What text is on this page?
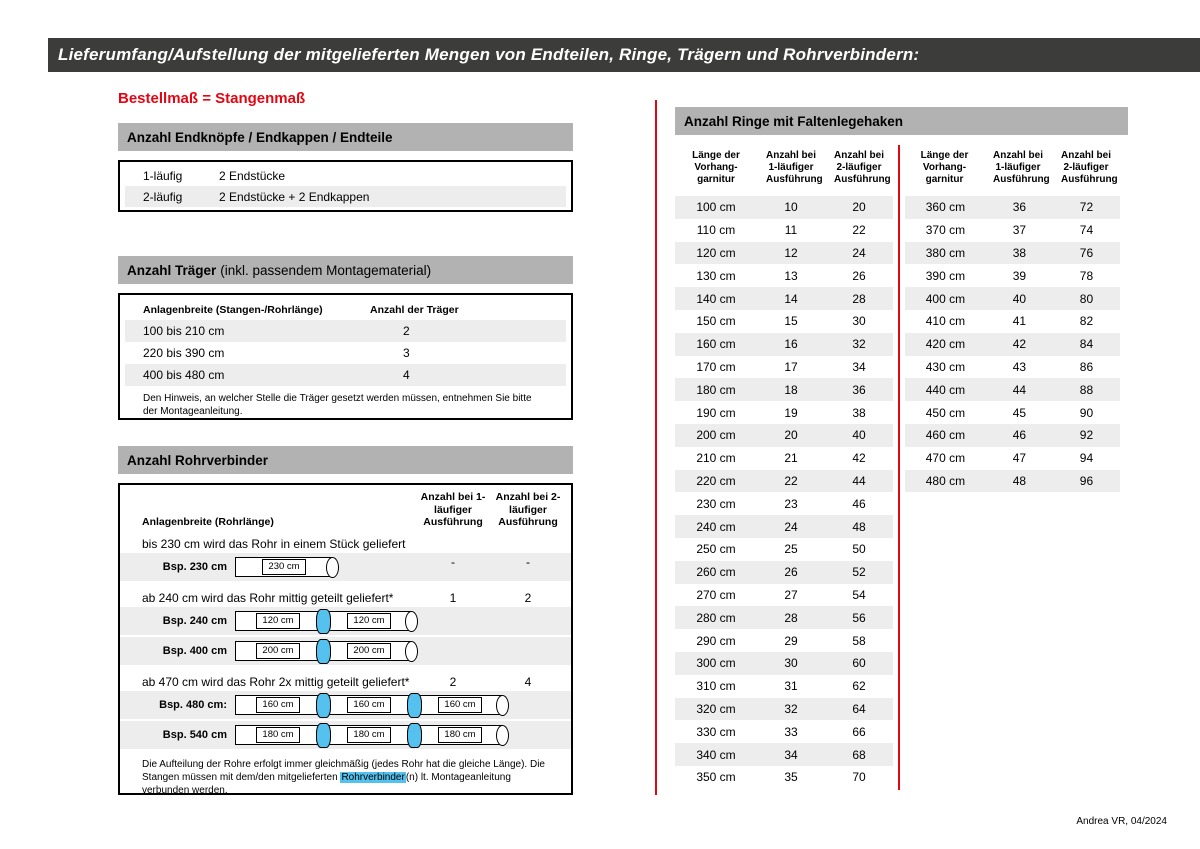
Lieferumfang/Aufstellung der mitgelieferten Mengen von Endteilen, Ringe, Trägern und Rohrverbindern:
Bestellmaß = Stangenmaß
Anzahl Endknöpfe / Endkappen / Endteile
1-läufig	2 Endstücke
2-läufig	2 Endstücke + 2 Endkappen
Anzahl Träger (inkl. passendem Montagematerial)
Anlagenbreite (Stangen-/Rohrlänge)	Anzahl der Träger
100 bis 210 cm	2
220 bis 390 cm	3
400 bis 480 cm	4
Den Hinweis, an welcher Stelle die Träger gesetzt werden müssen, entnehmen Sie bitte der Montageanleitung.
Anzahl Rohrverbinder
Anlagenbreite (Rohrlänge)
Anzahl bei 1-läufiger Ausführung
Anzahl bei 2-läufiger Ausführung
bis 230 cm wird das Rohr in einem Stück geliefert
-	-
Bsp. 230 cm	230 cm
ab 240 cm wird das Rohr mittig geteilt geliefert*	1	2
Bsp. 240 cm	120 cm	120 cm
Bsp. 400 cm	200 cm	200 cm
ab 470 cm wird das Rohr 2x mittig geteilt geliefert*	2	4
Bsp. 480 cm:	160 cm	160 cm	160 cm
Bsp. 540 cm	180 cm	180 cm	180 cm
Die Aufteilung der Rohre erfolgt immer gleichmäßig (jedes Rohr hat die gleiche Länge). Die Stangen müssen mit dem/den mitgelieferten Rohrverbinder(n) lt. Montageanleitung verbunden werden.
Anzahl Ringe mit Faltenlegehaken
Länge der Vorhang-garnitur
Anzahl bei 1-läufiger Ausführung
Anzahl bei 2-läufiger Ausführung
100 cm	10	20
110 cm	11	22
120 cm	12	24
130 cm	13	26
140 cm	14	28
150 cm	15	30
160 cm	16	32
170 cm	17	34
180 cm	18	36
190 cm	19	38
200 cm	20	40
210 cm	21	42
220 cm	22	44
230 cm	23	46
240 cm	24	48
250 cm	25	50
260 cm	26	52
270 cm	27	54
280 cm	28	56
290 cm	29	58
300 cm	30	60
310 cm	31	62
320 cm	32	64
330 cm	33	66
340 cm	34	68
350 cm	35	70
Länge der Vorhang-garnitur
Anzahl bei 1-läufiger Ausführung
Anzahl bei 2-läufiger Ausführung
360 cm	36	72
370 cm	37	74
380 cm	38	76
390 cm	39	78
400 cm	40	80
410 cm	41	82
420 cm	42	84
430 cm	43	86
440 cm	44	88
450 cm	45	90
460 cm	46	92
470 cm	47	94
480 cm	48	96
Andrea VR, 04/2024
